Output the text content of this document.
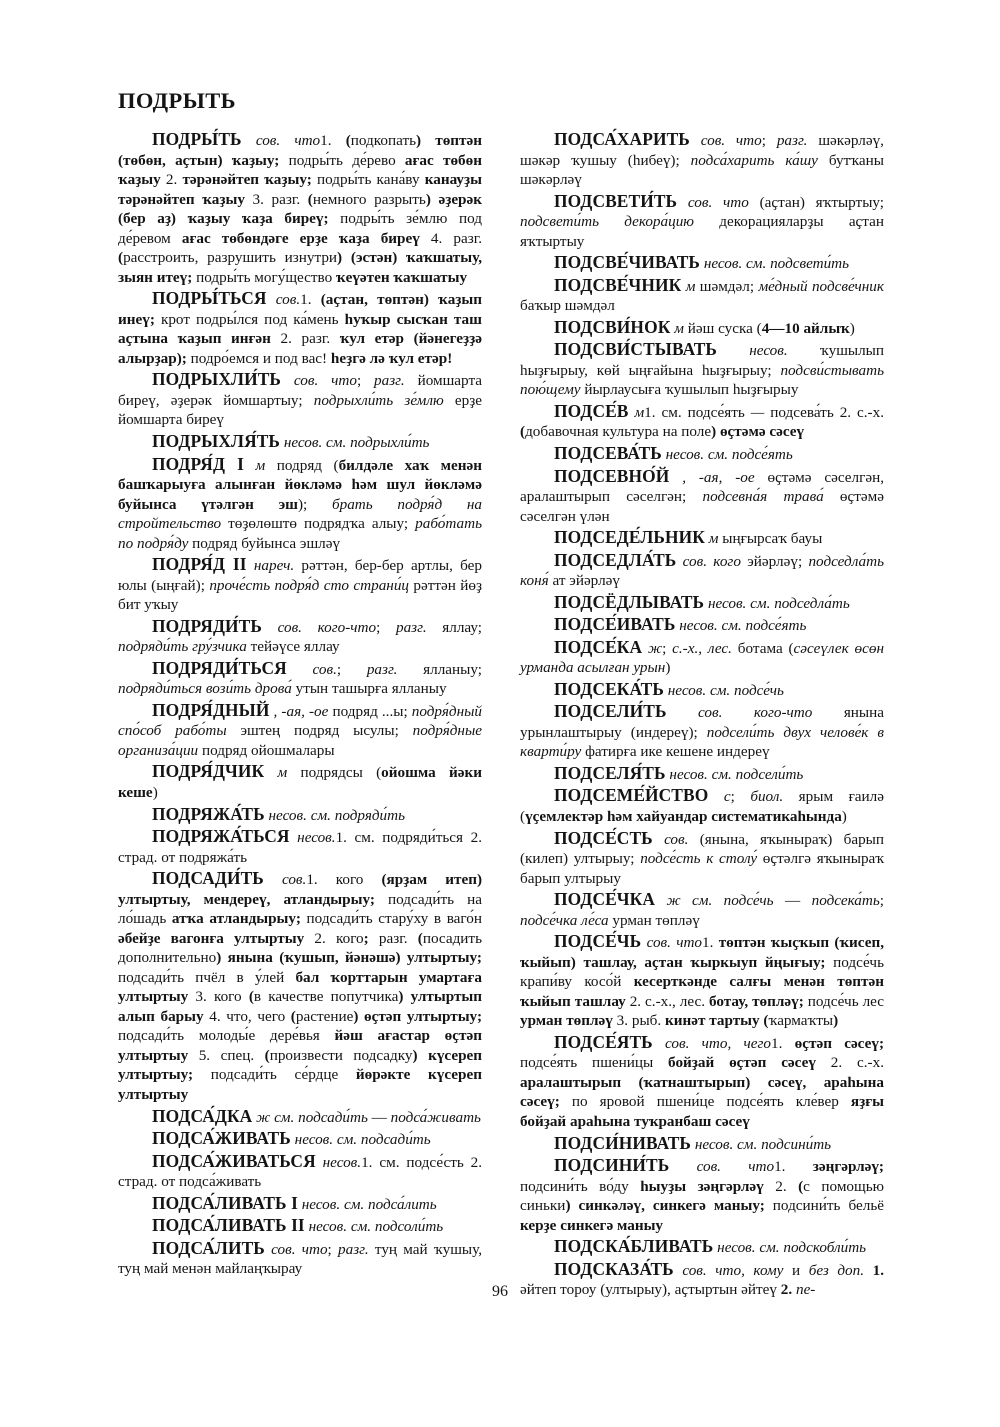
ПОДРЫТЬ

ПОДРЫ́ТЬ сов. что1. (подкопать) төптән (төбөн, аҫтын) ҡаҙыу; подры́ть де́рево ағас төбөн ҡаҙыу 2. тәрәнәйтеп ҡаҙыу; подры́ть кана́ву канауҙы тәрәнәйтеп ҡаҙыу 3. разг. (немного разрыть) әҙерәк (бер аҙ) ҡаҙыу ҡаҙа биреү; подры́ть зе́млю под де́ревом ағас төбөндәге ерҙе ҡаҙа биреү 4. разг. (расстроить, разрушить изнутри) (эстән) ҡаҡшатыу, зыян итеү; подры́ть могу́щество ҡеүәтен ҡаҡшатыу

ПОДРЫ́ТЬСЯ сов.1. (аҫтан, төптән) ҡаҙып инеү; крот подры́лся под ка́мень һуҡыр сысҡан таш аҫтына ҡаҙып инғән 2. разг. ҡул етәр (йәнегеҙҙә алырҙар); подро́емся и под вас! һеҙгә лә ҡул етәр!

ПОДРЫХЛИ́ТЬ сов. что; разг. йомшарта биреү, әҙерәк йомшартыу; подрыхли́ть зе́млю ерҙе йомшарта биреү

ПОДРЫХЛЯ́ТЬ несов. см. подрыхли́ть

ПОДРЯ́Д I м подряд (билдәле хаҡ менән башҡарыуға алынған йөкләмә һәм шул йөкләмә буйынса үтәлгән эш); брать подря́д на стройтельство төҙөлөштө подрядҡа алыу; рабо́тать по подря́ду подряд буйынса эшләү

ПОДРЯ́Д II нареч. рәттән, бер-бер артлы, бер юлы (ыңғай); проче́сть подря́д сто страни́ц рәттән йөҙ бит уҡыу

ПОДРЯДИ́ТЬ сов. кого-что; разг. яллау; подряди́ть гру́зчика тейәүсе яллау

ПОДРЯДИ́ТЬСЯ сов.; разг. ялланыу; подряди́ться вози́ть дрова́ утын ташырға ялланыу

ПОДРЯ́ДНЫЙ , -ая, -ое подряд ...ы; подря́дный спо́соб рабо́ты эштең подряд ысулы; подря́дные организа́ции подряд ойошмалары

ПОДРЯ́ДЧИК м подрядсы (ойошма йәки кеше)

ПОДРЯЖА́ТЬ несов. см. подряди́ть

ПОДРЯЖА́ТЬСЯ несов.1. см. подряди́ться 2. страд. от подряжа́ть

ПОДСАДИ́ТЬ сов.1. кого (ярҙам итеп) ултыртыу, мендереү, атландырыу; подсади́ть на ло́шадь атҡа атландырыу; подсади́ть стару́ху в ваго́н әбейҙе вагонға ултыртыу 2. кого; разг. (посадить дополнительно) янына (ҡушып, йәнәшә) ултыртыу; подсади́ть пчёл в у́лей бал ҡорттарын умартаға ултыртыу 3. кого (в качестве попутчика) ултыртып алып барыу 4. что, чего (растение) өҫтәп ултыртыу; подсади́ть молоды́е дере́вья йәш ағастар өҫтәп ултыртыу 5. спец. (произвести подсадку) күсереп ултыртыу; подсади́ть се́рдце йөрәкте күсереп ултыртыу

ПОДСА́ДКА ж см. подсади́ть — подса́живать

ПОДСА́ЖИВАТЬ несов. см. подсади́ть

ПОДСА́ЖИВАТЬСЯ несов.1. см. подсе́сть 2. страд. от подса́живать

ПОДСА́ЛИВАТЬ I несов. см. подса́лить

ПОДСА́ЛИВАТЬ II несов. см. подсоли́ть

ПОДСА́ЛИТЬ сов. что; разг. туң май ҡушыу, туң май менән майлаңҡырау

ПОДСА́ХАРИТЬ сов. что; разг. шәкәрләү, шәкәр ҡушыу (һибеү); подса́харить ка́шу бутҡаны шәкәрләү

ПОДСВЕТИ́ТЬ сов. что (аҫтан) яҡтыртыу; подсвети́ть декора́цию декорацияларҙы аҫтан яҡтыртыу

ПОДСВЕ́ЧИВАТЬ несов. см. подсвети́ть

ПОДСВЕ́ЧНИК м шәмдәл; ме́дный подсве́чник баҡыр шәмдәл

ПОДСВИ́НОК м йәш суска (4—10 айлыҡ)

ПОДСВИ́СТЫВАТЬ несов. ҡушылып һыҙғырыу, көй ыңғайына һыҙғырыу; подсви́стывать пою́щему йырлаусыға ҡушылып һыҙғырыу

ПОДСЕ́В м1. см. подсе́ять — подсева́ть 2. с.-х. (добавочная культура на поле) өҫтәмә сәсеү

ПОДСЕВА́ТЬ несов. см. подсе́ять

ПОДСЕВНО́Й , -ая, -ое өҫтәмә сәселгән, аралаштырып сәселгән; подсевна́я трава́ өҫтәмә сәселгән үлән

ПОДСЕДЕ́ЛЬНИК м ыңғырсаҡ бауы

ПОДСЕДЛА́ТЬ сов. кого эйәрләү; подседла́ть коня́ ат эйәрләү

ПОДСЁДЛЫВАТЬ несов. см. подседла́ть

ПОДСЕ́ИВАТЬ несов. см. подсе́ять

ПОДСЕ́КА ж; с.-х., лес. ботама (сәсеүлек өсөн урманда асылған урын)

ПОДСЕКА́ТЬ несов. см. подсе́чь

ПОДСЕЛИ́ТЬ сов. кого-что янына урынлаштырыу (индереү); подсели́ть двух челове́к в кварти́ру фатирға ике кешене индереү

ПОДСЕЛЯ́ТЬ несов. см. подсели́ть

ПОДСЕМЕ́ЙСТВО с; биол. ярым ғаилә (үҫемлектәр һәм хайуандар систематикаһында)

ПОДСЕ́СТЬ сов. (янына, яҡыныраҡ) барып (килеп) ултырыу; подсе́сть к столу́ өҫтәлгә яҡыныраҡ барып ултырыу

ПОДСЕ́ЧКА ж см. подсе́чь — подсека́ть; подсе́чка ле́са урман төпләү

ПОДСЕ́ЧЬ сов. что1. төптән ҡыҫҡып (ҡисеп, ҡыйып) ташлау, аҫтан ҡыркыуп йңығыу; подсе́чь крапи́ву косо́й кесерткәнде салғы менән төптән ҡыйып ташлау 2. с.-х., лес. ботау, төпләү; подсе́чь лес урман төпләү 3. рыб. кинәт тартыу (ҡармаҡты)

ПОДСЕ́ЯТЬ сов. что, чего1. өҫтәп сәсеү; подсе́ять пшени́цы бойҙай өҫтәп сәсеү 2. с.-х. аралаштырып (ҡатнаштырып) сәсеү, араһына сәсеү; по яровой пшени́це подсе́ять кле́вер яҙғы бойҙай араһына туҡранбаш сәсеү

ПОДСИ́НИВАТЬ несов. см. подсини́ть

ПОДСИНИ́ТЬ сов. что1. зәңгәрләү; подсини́ть во́ду һыуҙы зәңгәрләү 2. (с помощью синьки) синкәләү, синкегә маныу; подсини́ть бельё керҙе синкегә маныу

ПОДСКА́БЛИВАТЬ несов. см. подскобли́ть

ПОДСКАЗА́ТЬ сов. что, кому и без доп. 1. әйтеп тороу (ултырыу), аҫтыртын әйтеү 2. пе-

96
